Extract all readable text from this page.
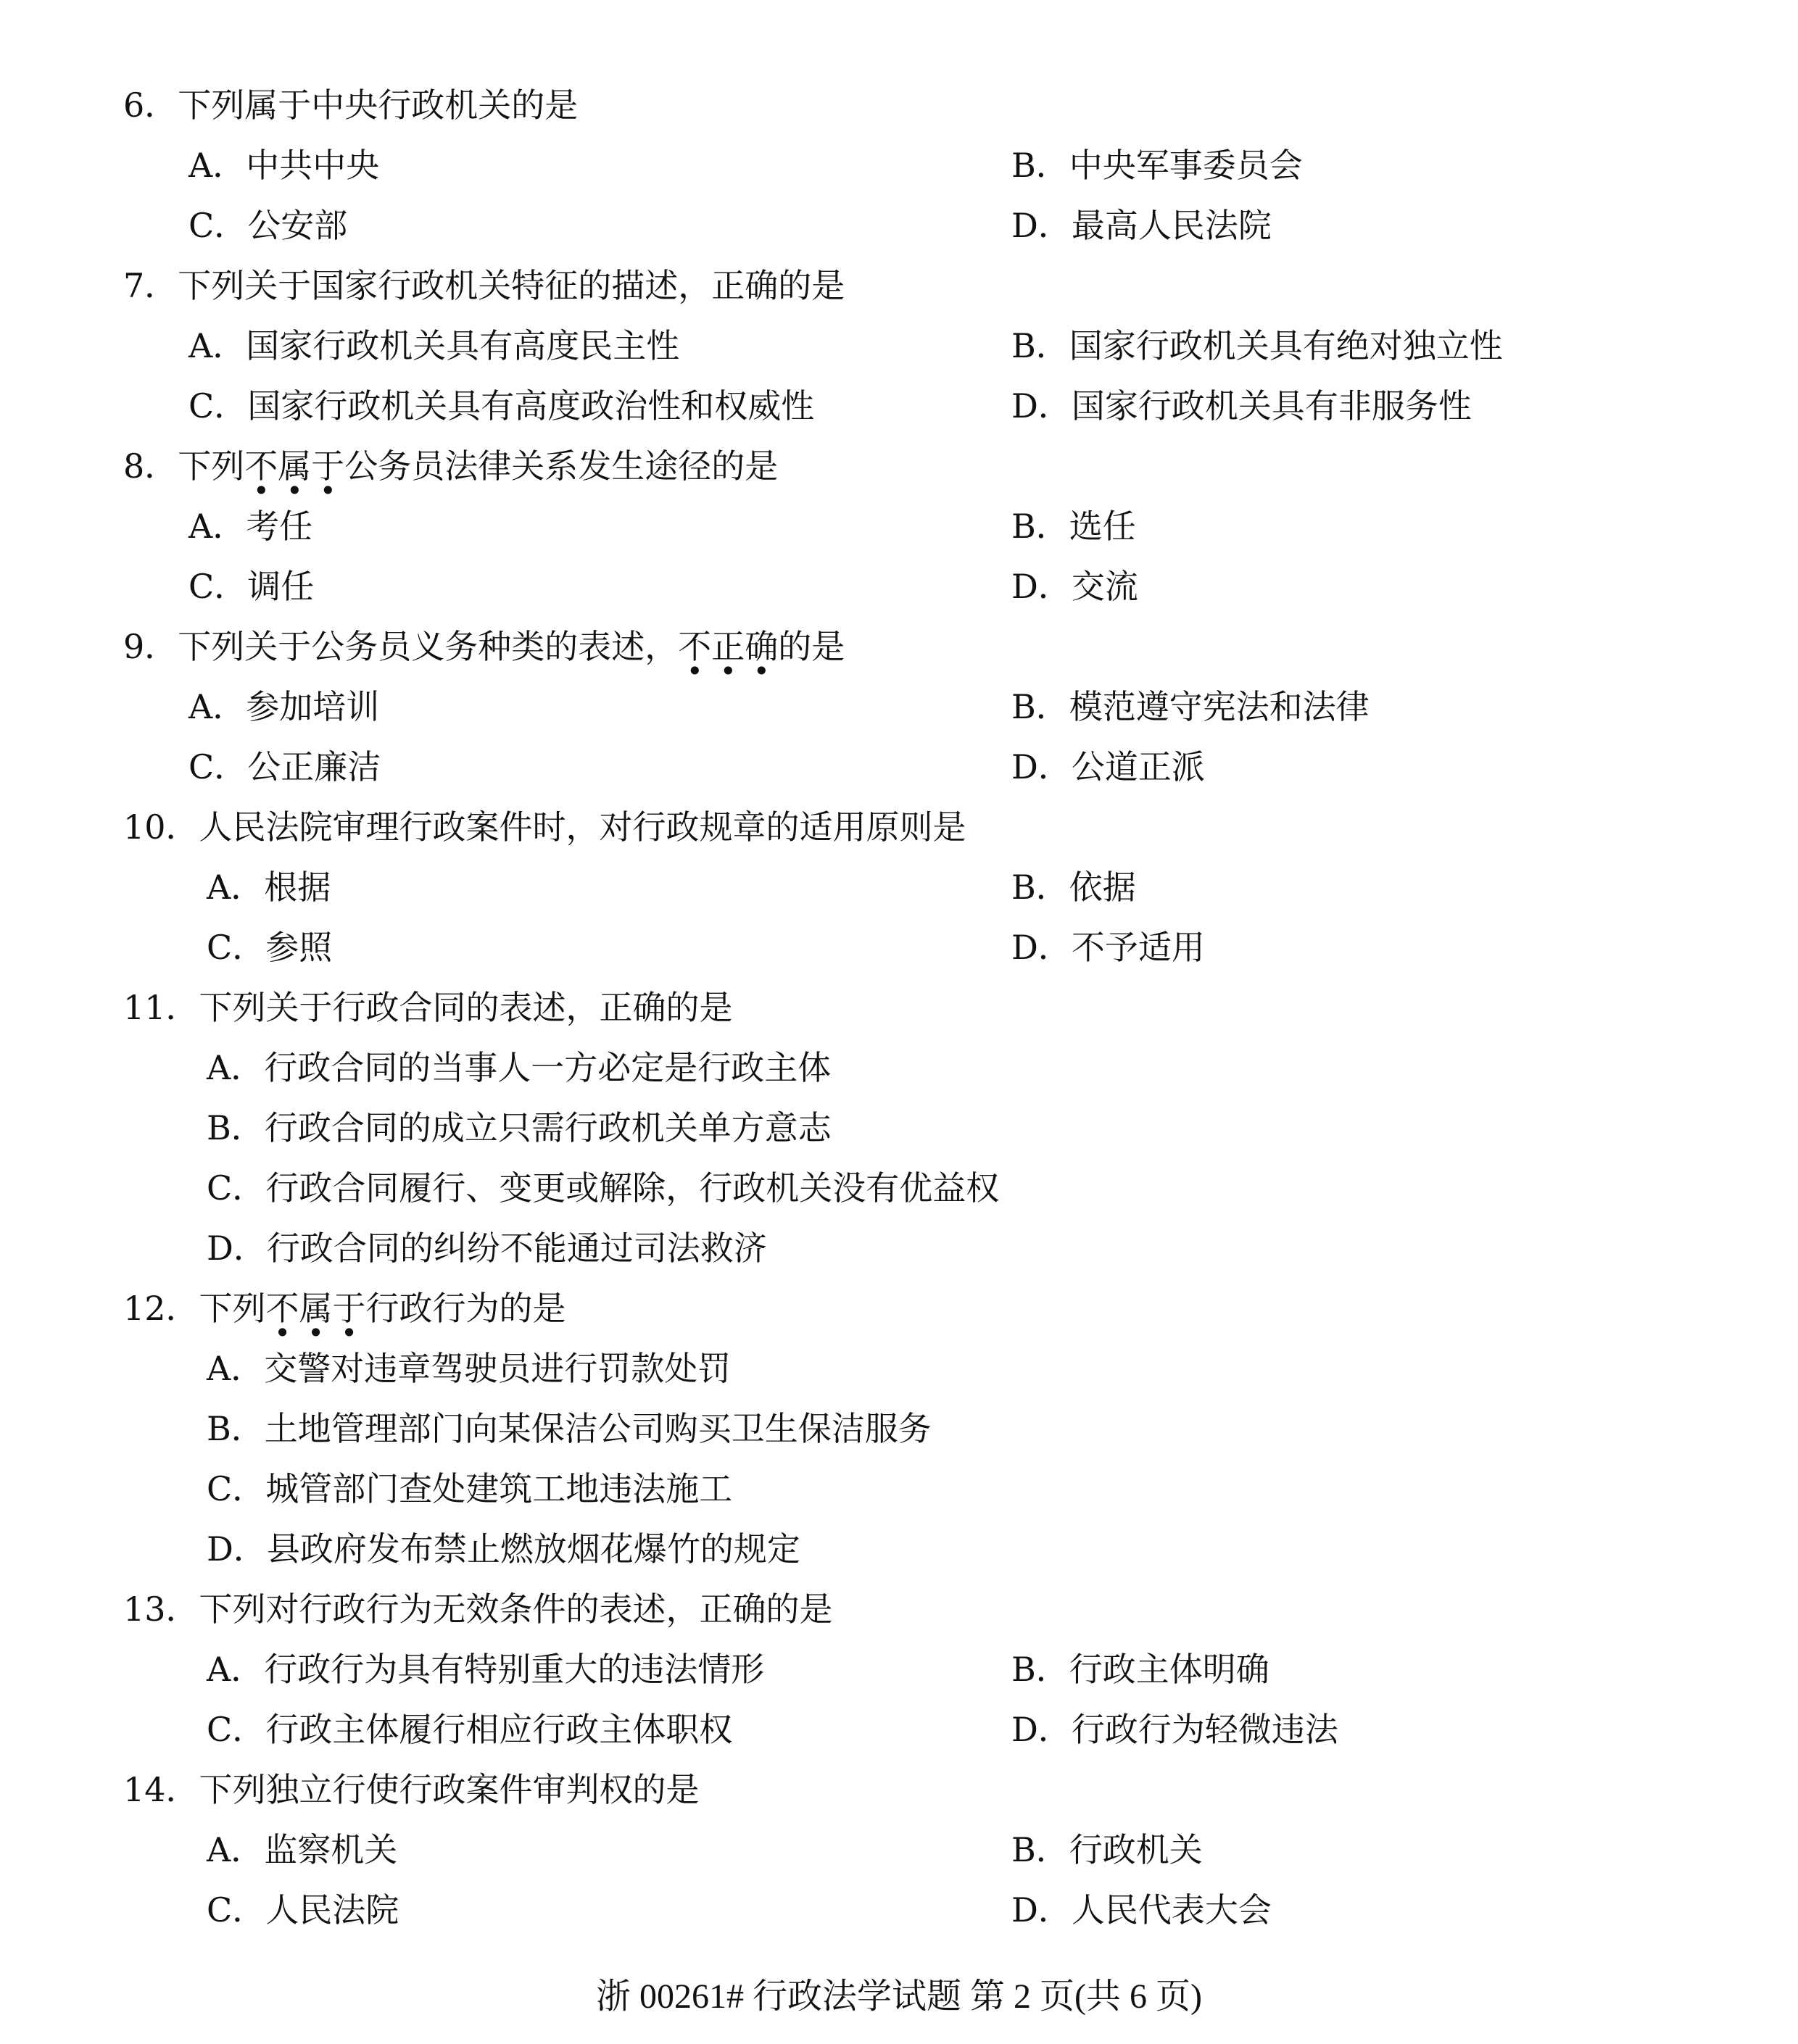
6．下列属于中央行政机关的是
A．中共中央	B．中央军事委员会
C．公安部	D．最高人民法院
7．下列关于国家行政机关特征的描述，正确的是
A．国家行政机关具有高度民主性	B．国家行政机关具有绝对独立性
C．国家行政机关具有高度政治性和权威性	D．国家行政机关具有非服务性
8．下列不属于公务员法律关系发生途径的是
A．考任	B．选任
C．调任	D．交流
9．下列关于公务员义务种类的表述，不正确的是
A．参加培训	B．模范遵守宪法和法律
C．公正廉洁	D．公道正派
10．人民法院审理行政案件时，对行政规章的适用原则是
A．根据	B．依据
C．参照	D．不予适用
11．下列关于行政合同的表述，正确的是
A．行政合同的当事人一方必定是行政主体
B．行政合同的成立只需行政机关单方意志
C．行政合同履行、变更或解除，行政机关没有优益权
D．行政合同的纠纷不能通过司法救济
12．下列不属于行政行为的是
A．交警对违章驾驶员进行罚款处罚
B．土地管理部门向某保洁公司购买卫生保洁服务
C．城管部门查处建筑工地违法施工
D．县政府发布禁止燃放烟花爆竹的规定
13．下列对行政行为无效条件的表述，正确的是
A．行政行为具有特别重大的违法情形	B．行政主体明确
C．行政主体履行相应行政主体职权	D．行政行为轻微违法
14．下列独立行使行政案件审判权的是
A．监察机关	B．行政机关
C．人民法院	D．人民代表大会
浙 00261# 行政法学试题 第 2 页(共 6 页)
